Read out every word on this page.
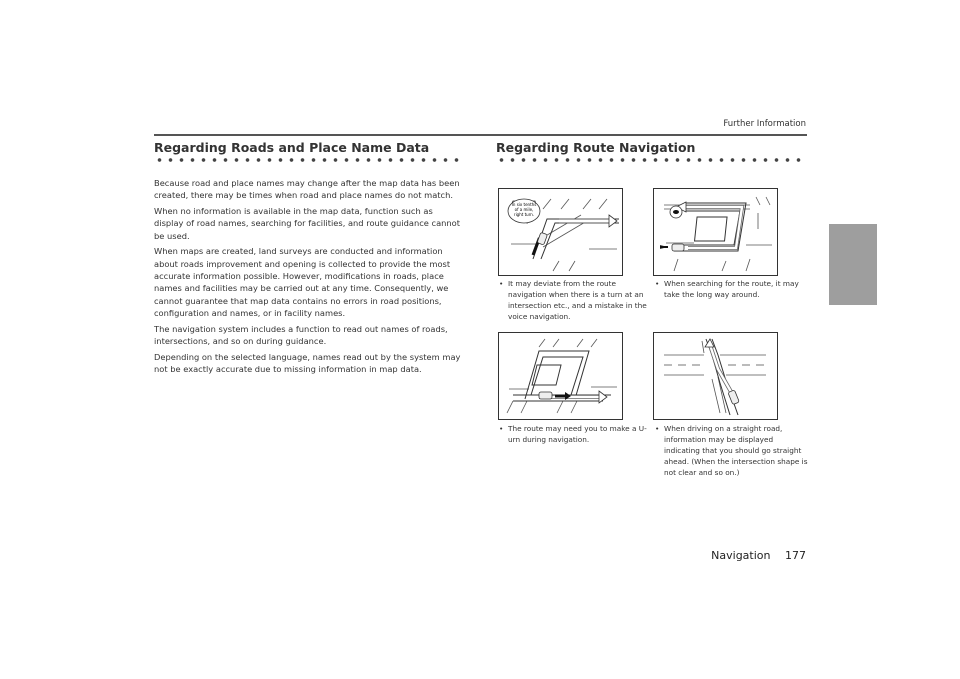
Further Information
Regarding Roads and Place Name Data

Because road and place names may change after the map data has been created, there may be times when road and place names do not match.

When no information is available in the map data, function such as display of road names, searching for facilities, and route guidance cannot be used.

When maps are created, land surveys are conducted and information about roads improvement and opening is collected to provide the most accurate information possible. However, modifications in roads, place names and facilities may be carried out at any time. Consequently, we cannot guarantee that map data contains no errors in road positions, configuration and names, or in facility names.

The navigation system includes a function to read out names of roads, intersections, and so on during guidance.

Depending on the selected language, names read out by the system may not be exactly accurate due to missing information in map data.

Regarding Route Navigation
In six tenths
of a mile,
right turn.
• It may deviate from the route navigation when there is a turn at an intersection etc., and a mistake in the voice navigation.
• When searching for the route, it may take the long way around.
• The route may need you to make a U-urn during navigation.
• When driving on a straight road, information may be displayed indicating that you should go straight ahead. (When the intersection shape is not clear and so on.)
Navigation 177
